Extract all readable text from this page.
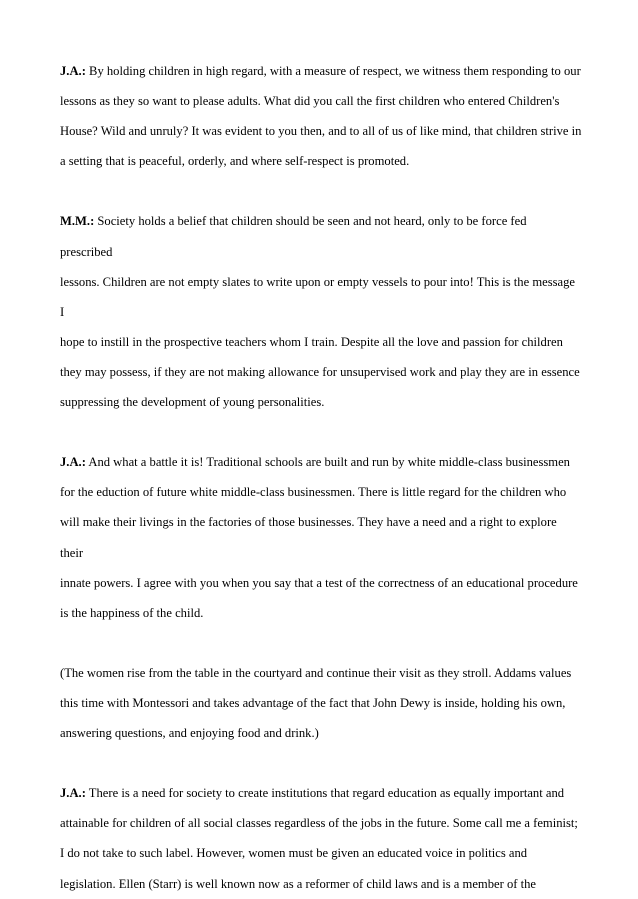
J.A.: By holding children in high regard, with a measure of respect, we witness them responding to our
lessons as they so want to please adults. What did you call the first children who entered Children's
House? Wild and unruly? It was evident to you then, and to all of us of like mind, that children strive in
a setting that is peaceful, orderly, and where self-respect is promoted.

M.M.: Society holds a belief that children should be seen and not heard, only to be force fed prescribed
lessons. Children are not empty slates to write upon or empty vessels to pour into! This is the message I
hope to instill in the prospective teachers whom I train. Despite all the love and passion for children
they may possess, if they are not making allowance for unsupervised work and play they are in essence
suppressing the development of young personalities.

J.A.: And what a battle it is! Traditional schools are built and run by white middle-class businessmen
for the eduction of future white middle-class businessmen. There is little regard for the children who
will make their livings in the factories of those businesses. They have a need and a right to explore their
innate powers. I agree with you when you say that a test of the correctness of an educational procedure
is the happiness of the child.

(The women rise from the table in the courtyard and continue their visit as they stroll. Addams values
this time with Montessori and takes advantage of the fact that John Dewy is inside, holding his own,
answering questions, and enjoying food and drink.)

J.A.: There is a need for society to create institutions that regard education as equally important and
attainable for children of all social classes regardless of the jobs in the future. Some call me a feminist;
I do not take to such label. However, women must be given an educated voice in politics and
legislation. Ellen (Starr) is well known now as a reformer of child laws and is a member of the
